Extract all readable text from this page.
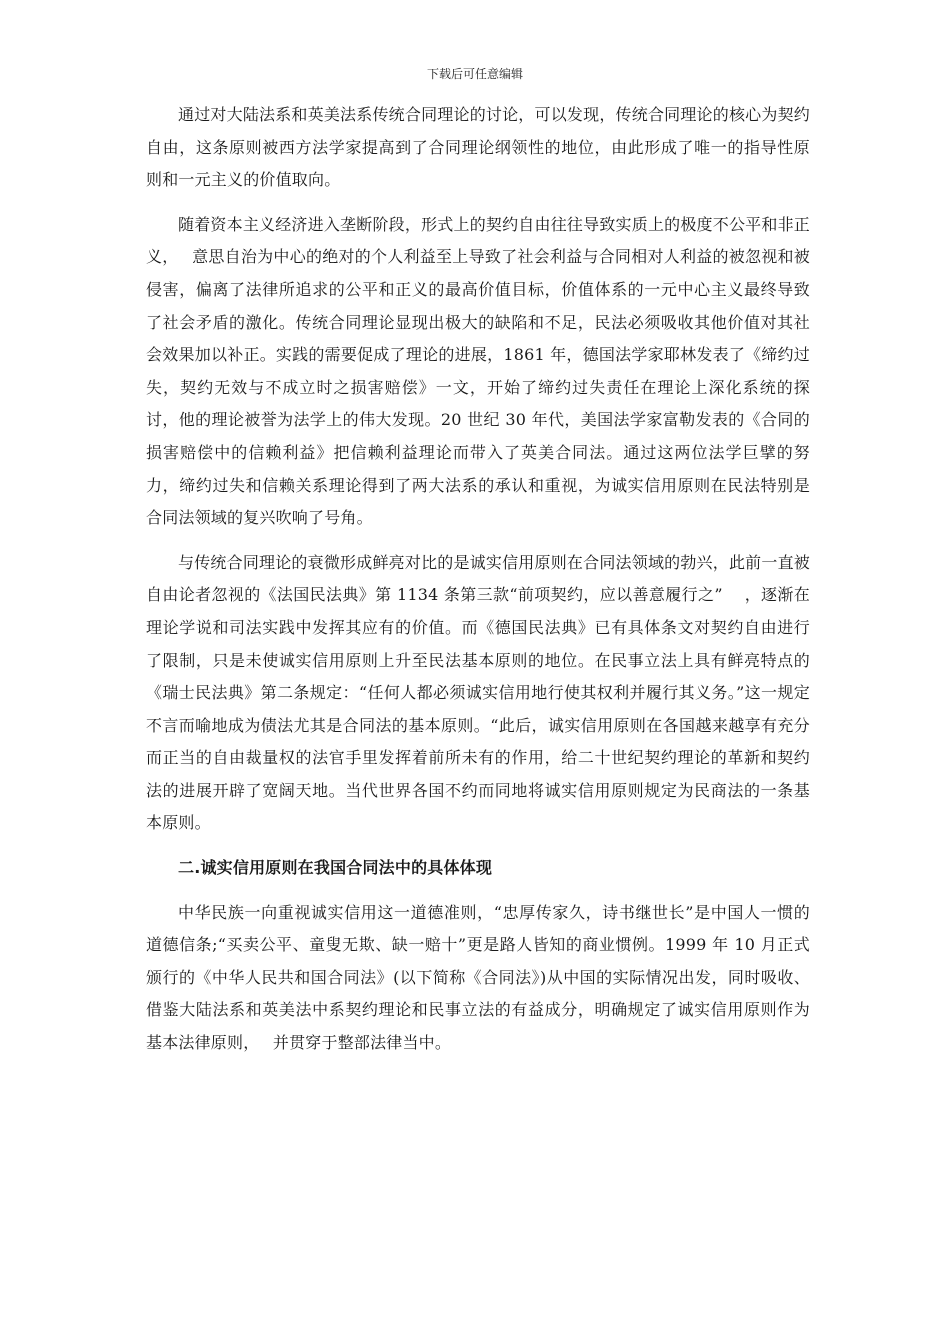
下载后可任意编辑

通过对大陆法系和英美法系传统合同理论的讨论，可以发现，传统合同理论的核心为契约自由，这条原则被西方法学家提高到了合同理论纲领性的地位，由此形成了唯一的指导性原则和一元主义的价值取向。

随着资本主义经济进入垄断阶段，形式上的契约自由往往导致实质上的极度不公平和非正义，　 意思自治为中心的绝对的个人利益至上导致了社会利益与合同相对人利益的被忽视和被侵害，偏离了法律所追求的公平和正义的最高价值目标，价值体系的一元中心主义最终导致了社会矛盾的激化。传统合同理论显现出极大的缺陷和不足，民法必须吸收其他价值对其社会效果加以补正。实践的需要促成了理论的进展，1861 年，德国法学家耶林发表了《缔约过失，契约无效与不成立时之损害赔偿》一文，开始了缔约过失责任在理论上深化系统的探讨，他的理论被誉为法学上的伟大发现。20 世纪 30 年代，美国法学家富勒发表的《合同的损害赔偿中的信赖利益》把信赖利益理论而带入了英美合同法。通过这两位法学巨擘的努力，缔约过失和信赖关系理论得到了两大法系的承认和重视，为诚实信用原则在民法特别是合同法领域的复兴吹响了号角。

与传统合同理论的衰微形成鲜亮对比的是诚实信用原则在合同法领域的勃兴，此前一直被自由论者忽视的《法国民法典》第 1134 条第三款“前项契约，应以善意履行之”　 ，逐渐在理论学说和司法实践中发挥其应有的价值。而《德国民法典》已有具体条文对契约自由进行了限制，只是未使诚实信用原则上升至民法基本原则的地位。在民事立法上具有鲜亮特点的《瑞士民法典》第二条规定：“任何人都必须诚实信用地行使其权利并履行其义务。”这一规定不言而喻地成为债法尤其是合同法的基本原则。“此后，诚实信用原则在各国越来越享有充分而正当的自由裁量权的法官手里发挥着前所未有的作用，给二十世纪契约理论的革新和契约法的进展开辟了宽阔天地。当代世界各国不约而同地将诚实信用原则规定为民商法的一条基本原则。

二.诚实信用原则在我国合同法中的具体体现

中华民族一向重视诚实信用这一道德准则，“忠厚传家久，诗书继世长”是中国人一惯的道德信条;“买卖公平、童叟无欺、缺一赔十”更是路人皆知的商业惯例。1999 年 10 月正式颁行的《中华人民共和国合同法》(以下简称《合同法》)从中国的实际情况出发，同时吸收、借鉴大陆法系和英美法中系契约理论和民事立法的有益成分，明确规定了诚实信用原则作为基本法律原则，　 并贯穿于整部法律当中。
